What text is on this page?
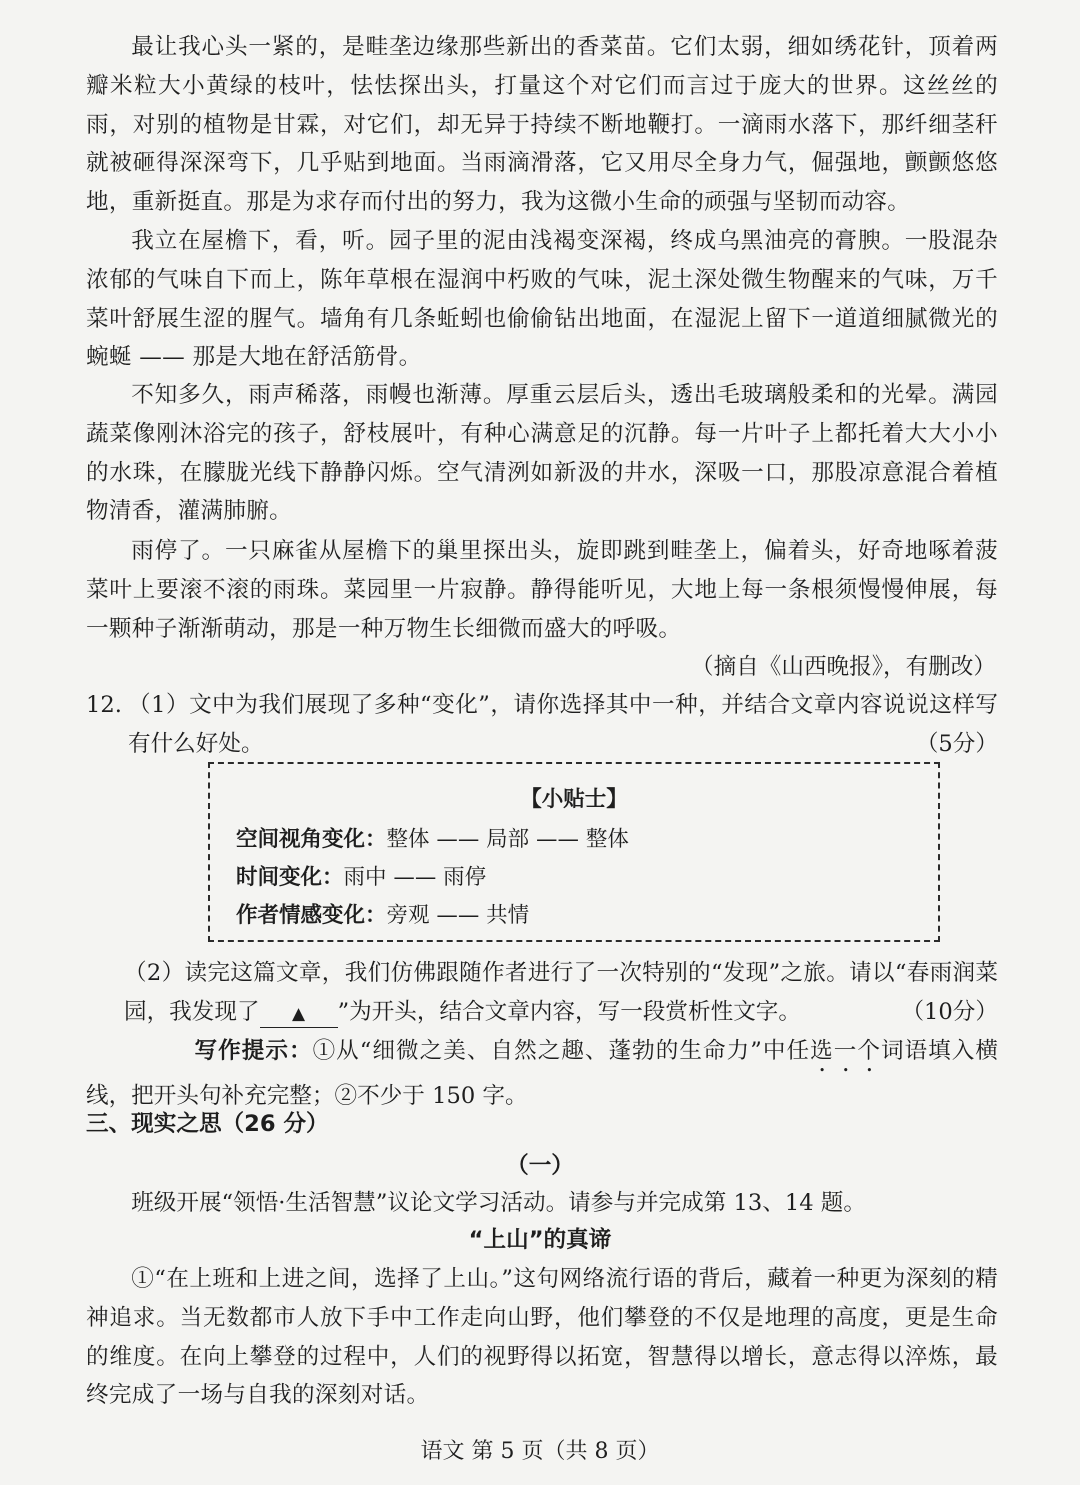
最让我心头一紧的，是畦垄边缘那些新出的香菜苗。它们太弱，细如绣花针，顶着两瓣米粒大小黄绿的枝叶，怯怯探出头，打量这个对它们而言过于庞大的世界。这丝丝的雨，对别的植物是甘霖，对它们，却无异于持续不断地鞭打。一滴雨水落下，那纤细茎秆就被砸得深深弯下，几乎贴到地面。当雨滴滑落，它又用尽全身力气，倔强地，颤颤悠悠地，重新挺直。那是为求存而付出的努力，我为这微小生命的顽强与坚韧而动容。

我立在屋檐下，看，听。园子里的泥由浅褐变深褐，终成乌黑油亮的膏腴。一股混杂浓郁的气味自下而上，陈年草根在湿润中朽败的气味，泥土深处微生物醒来的气味，万千菜叶舒展生涩的腥气。墙角有几条蚯蚓也偷偷钻出地面，在湿泥上留下一道道细腻微光的蜿蜒 —— 那是大地在舒活筋骨。

不知多久，雨声稀落，雨幔也渐薄。厚重云层后头，透出毛玻璃般柔和的光晕。满园蔬菜像刚沐浴完的孩子，舒枝展叶，有种心满意足的沉静。每一片叶子上都托着大大小小的水珠，在朦胧光线下静静闪烁。空气清洌如新汲的井水，深吸一口，那股凉意混合着植物清香，灌满肺腑。

雨停了。一只麻雀从屋檐下的巢里探出头，旋即跳到畦垄上，偏着头，好奇地啄着菠菜叶上要滚不滚的雨珠。菜园里一片寂静。静得能听见，大地上每一条根须慢慢伸展，每一颗种子渐渐萌动，那是一种万物生长细微而盛大的呼吸。

（摘自《山西晚报》，有删改）
12. （1）文中为我们展现了多种“变化”，请你选择其中一种，并结合文章内容说说这样写有什么好处。	（5分）
【小贴士】
空间视角变化：整体 —— 局部 —— 整体
时间变化：雨中 —— 雨停
作者情感变化：旁观 —— 共情

（2）读完这篇文章，我们仿佛跟随作者进行了一次特别的“发现”之旅。请以“春雨润菜园，我发现了 ▲ ”为开头，结合文章内容，写一段赏析性文字。	（10分）

写作提示：①从“细微之美、自然之趣、蓬勃的生命力”中任选一个词语填入横线，把开头句补充完整；②不少于 150 字。

三、现实之思（26 分）
（一）

班级开展“领悟·生活智慧”议论文学习活动。请参与并完成第 13、14 题。

“上山”的真谛

①“在上班和上进之间，选择了上山。”这句网络流行语的背后，藏着一种更为深刻的精神追求。当无数都市人放下手中工作走向山野，他们攀登的不仅是地理的高度，更是生命的维度。在向上攀登的过程中，人们的视野得以拓宽，智慧得以增长，意志得以淬炼，最终完成了一场与自我的深刻对话。

语文 第 5 页（共 8 页）
